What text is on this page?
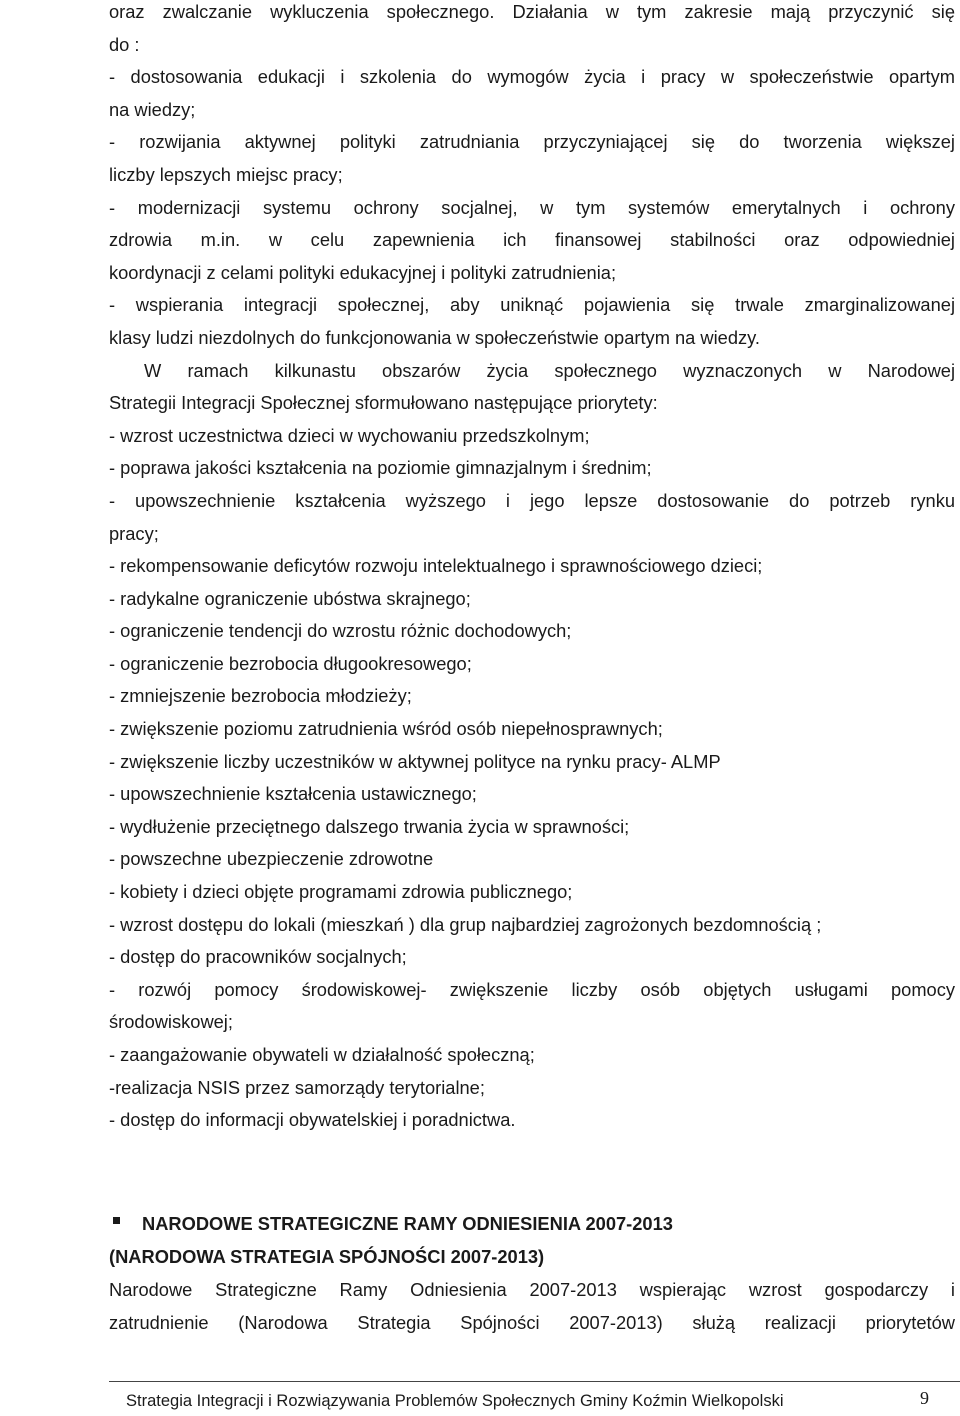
oraz zwalczanie wykluczenia społecznego. Działania w tym zakresie mają przyczynić się
do :
- dostosowania edukacji i szkolenia do wymogów życia i pracy w społeczeństwie opartym
na wiedzy;
- rozwijania aktywnej polityki zatrudniania przyczyniającej się do tworzenia większej
liczby lepszych miejsc pracy;
- modernizacji systemu ochrony socjalnej, w tym systemów emerytalnych i ochrony
zdrowia m.in. w celu zapewnienia ich finansowej stabilności oraz odpowiedniej
koordynacji z celami polityki edukacyjnej i polityki zatrudnienia;
- wspierania integracji społecznej, aby uniknąć pojawienia się trwale zmarginalizowanej
klasy ludzi niezdolnych do funkcjonowania w społeczeństwie opartym na wiedzy.
W ramach kilkunastu obszarów życia społecznego wyznaczonych w Narodowej
Strategii Integracji Społecznej sformułowano następujące priorytety:
- wzrost uczestnictwa dzieci w wychowaniu przedszkolnym;
- poprawa jakości kształcenia na poziomie gimnazjalnym i średnim;
- upowszechnienie kształcenia wyższego i jego lepsze dostosowanie do potrzeb rynku
pracy;
- rekompensowanie deficytów rozwoju intelektualnego i sprawnościowego dzieci;
- radykalne ograniczenie ubóstwa skrajnego;
- ograniczenie tendencji do wzrostu różnic dochodowych;
- ograniczenie bezrobocia długookresowego;
- zmniejszenie bezrobocia młodzieży;
- zwiększenie poziomu zatrudnienia wśród osób niepełnosprawnych;
- zwiększenie liczby uczestników w aktywnej polityce na rynku pracy- ALMP
- upowszechnienie kształcenia ustawicznego;
- wydłużenie przeciętnego dalszego trwania życia w sprawności;
- powszechne ubezpieczenie zdrowotne
- kobiety i dzieci objęte programami zdrowia publicznego;
- wzrost dostępu do lokali (mieszkań ) dla grup najbardziej zagrożonych bezdomnością ;
- dostęp do pracowników socjalnych;
- rozwój pomocy środowiskowej- zwiększenie liczby osób objętych usługami pomocy
środowiskowej;
- zaangażowanie obywateli w działalność społeczną;
-realizacja NSIS przez samorządy terytorialne;
- dostęp do informacji obywatelskiej i poradnictwa.
NARODOWE STRATEGICZNE RAMY ODNIESIENIA 2007-2013
(NARODOWA STRATEGIA SPÓJNOŚCI 2007-2013)
Narodowe Strategiczne Ramy Odniesienia 2007-2013 wspierając wzrost gospodarczy i
zatrudnienie (Narodowa Strategia Spójności 2007-2013) służą realizacji priorytetów
Strategia Integracji i Rozwiązywania Problemów Społecznych Gminy Koźmin Wielkopolski	9
